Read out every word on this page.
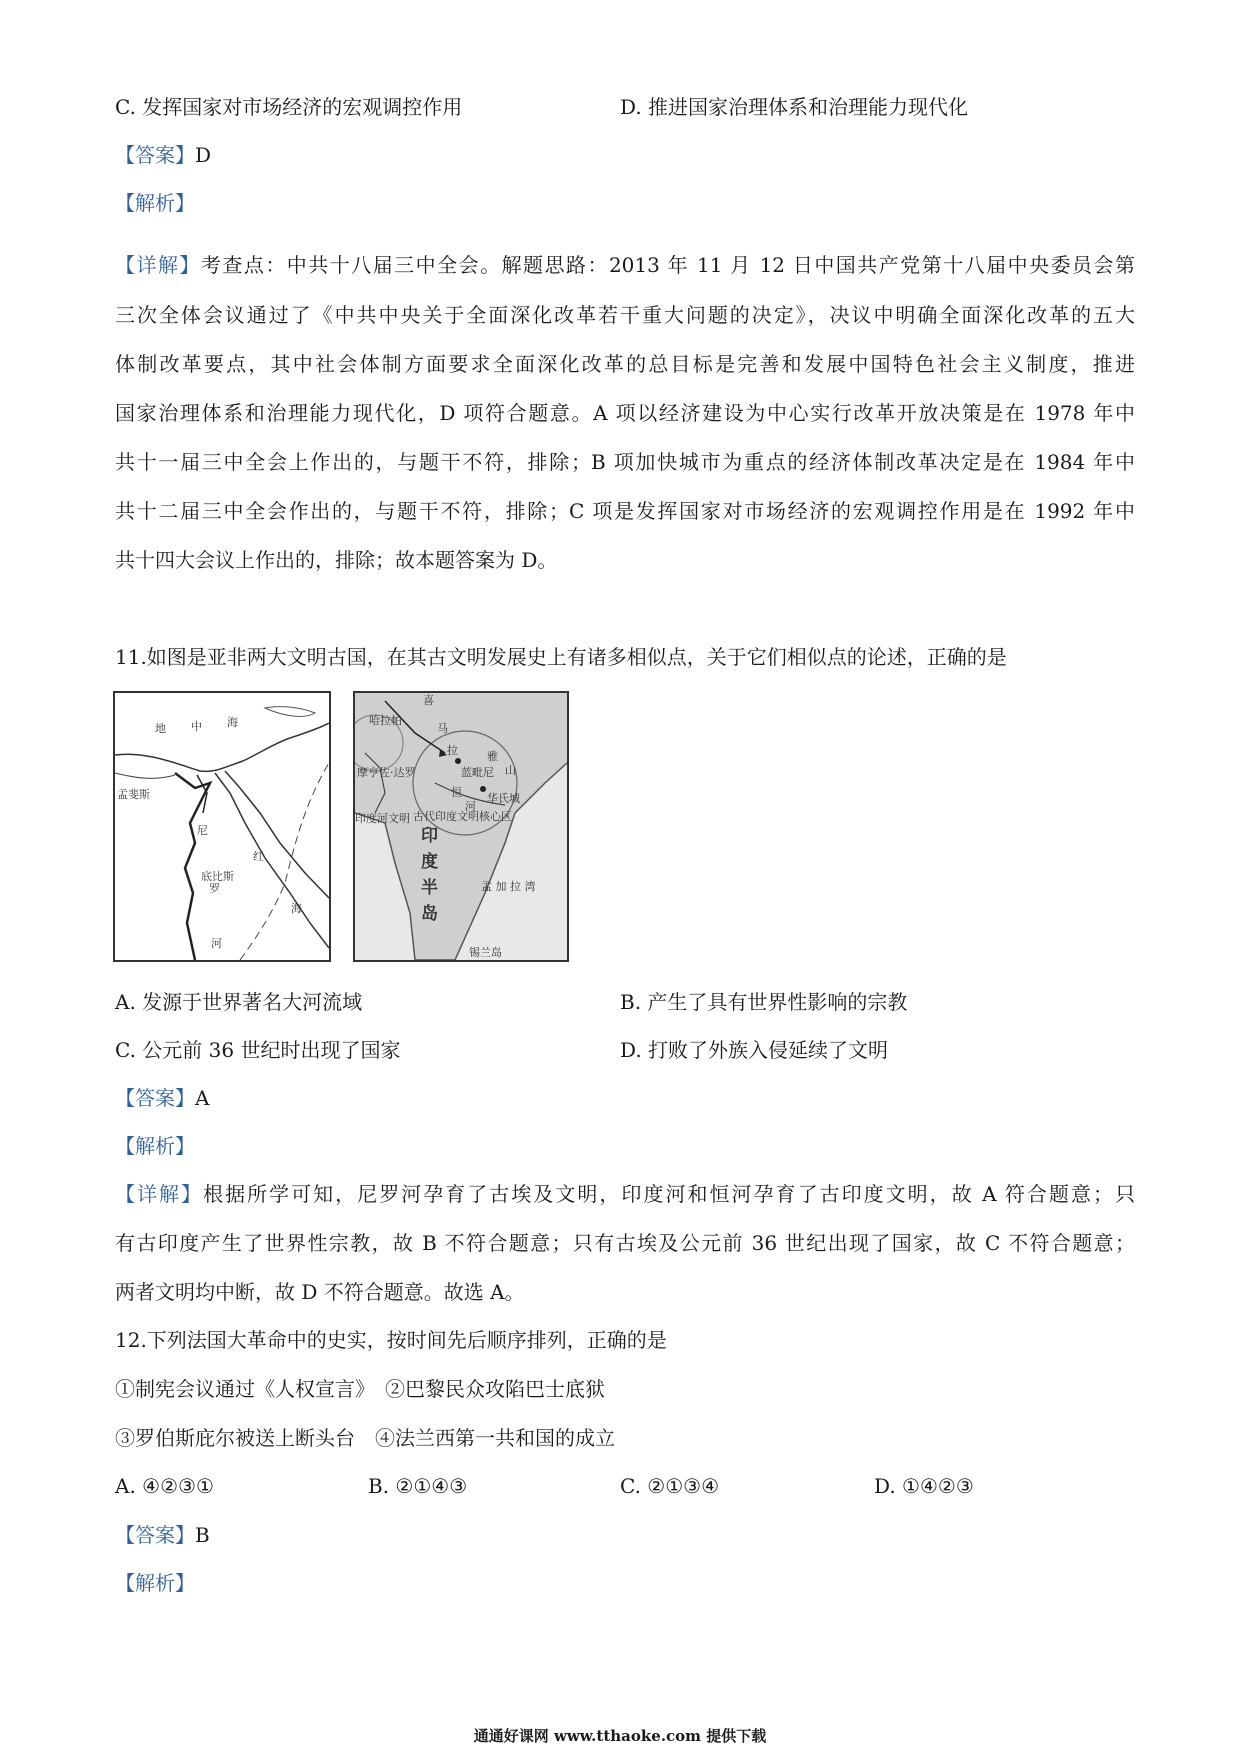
C. 发挥国家对市场经济的宏观调控作用	D. 推进国家治理体系和治理能力现代化
【答案】D
【解析】
【详解】考查点：中共十八届三中全会。解题思路：2013 年 11 月 12 日中国共产党第十八届中央委员会第
三次全体会议通过了《中共中央关于全面深化改革若干重大问题的决定》，决议中明确全面深化改革的五大
体制改革要点，其中社会体制方面要求全面深化改革的总目标是完善和发展中国特色社会主义制度，推进
国家治理体系和治理能力现代化，D 项符合题意。A 项以经济建设为中心实行改革开放决策是在 1978 年中
共十一届三中全会上作出的，与题干不符，排除；B 项加快城市为重点的经济体制改革决定是在 1984 年中
共十二届三中全会作出的，与题干不符，排除；C 项是发挥国家对市场经济的宏观调控作用是在 1992 年中
共十四大会议上作出的，排除；故本题答案为 D。
11.如图是亚非两大文明古国，在其古文明发展史上有诸多相似点，关于它们相似点的论述，正确的是
地 中 海
孟斐斯
尼
罗
河
底比斯
红
海
喜
马
拉	雅
山
哈拉帕
摩亨佐·达罗
恒
河
蓝毗尼
华氏城
印度河文明 古代印度文明核心区
印
度
半
岛
孟 加 拉 湾
锡兰岛
A. 发源于世界著名大河流域	B. 产生了具有世界性影响的宗教
C. 公元前 36 世纪时出现了国家	D. 打败了外族入侵延续了文明
【答案】A
【解析】
【详解】根据所学可知，尼罗河孕育了古埃及文明，印度河和恒河孕育了古印度文明，故 A 符合题意；只
有古印度产生了世界性宗教，故 B 不符合题意；只有古埃及公元前 36 世纪出现了国家，故 C 不符合题意；
两者文明均中断，故 D 不符合题意。故选 A。
12.下列法国大革命中的史实，按时间先后顺序排列，正确的是
①制宪会议通过《人权宣言》　②巴黎民众攻陷巴士底狱
③罗伯斯庇尔被送上断头台　④法兰西第一共和国的成立
A. ④②③①	B. ②①④③	C. ②①③④	D. ①④②③
【答案】B
【解析】
通通好课网 www.tthaoke.com 提供下载
